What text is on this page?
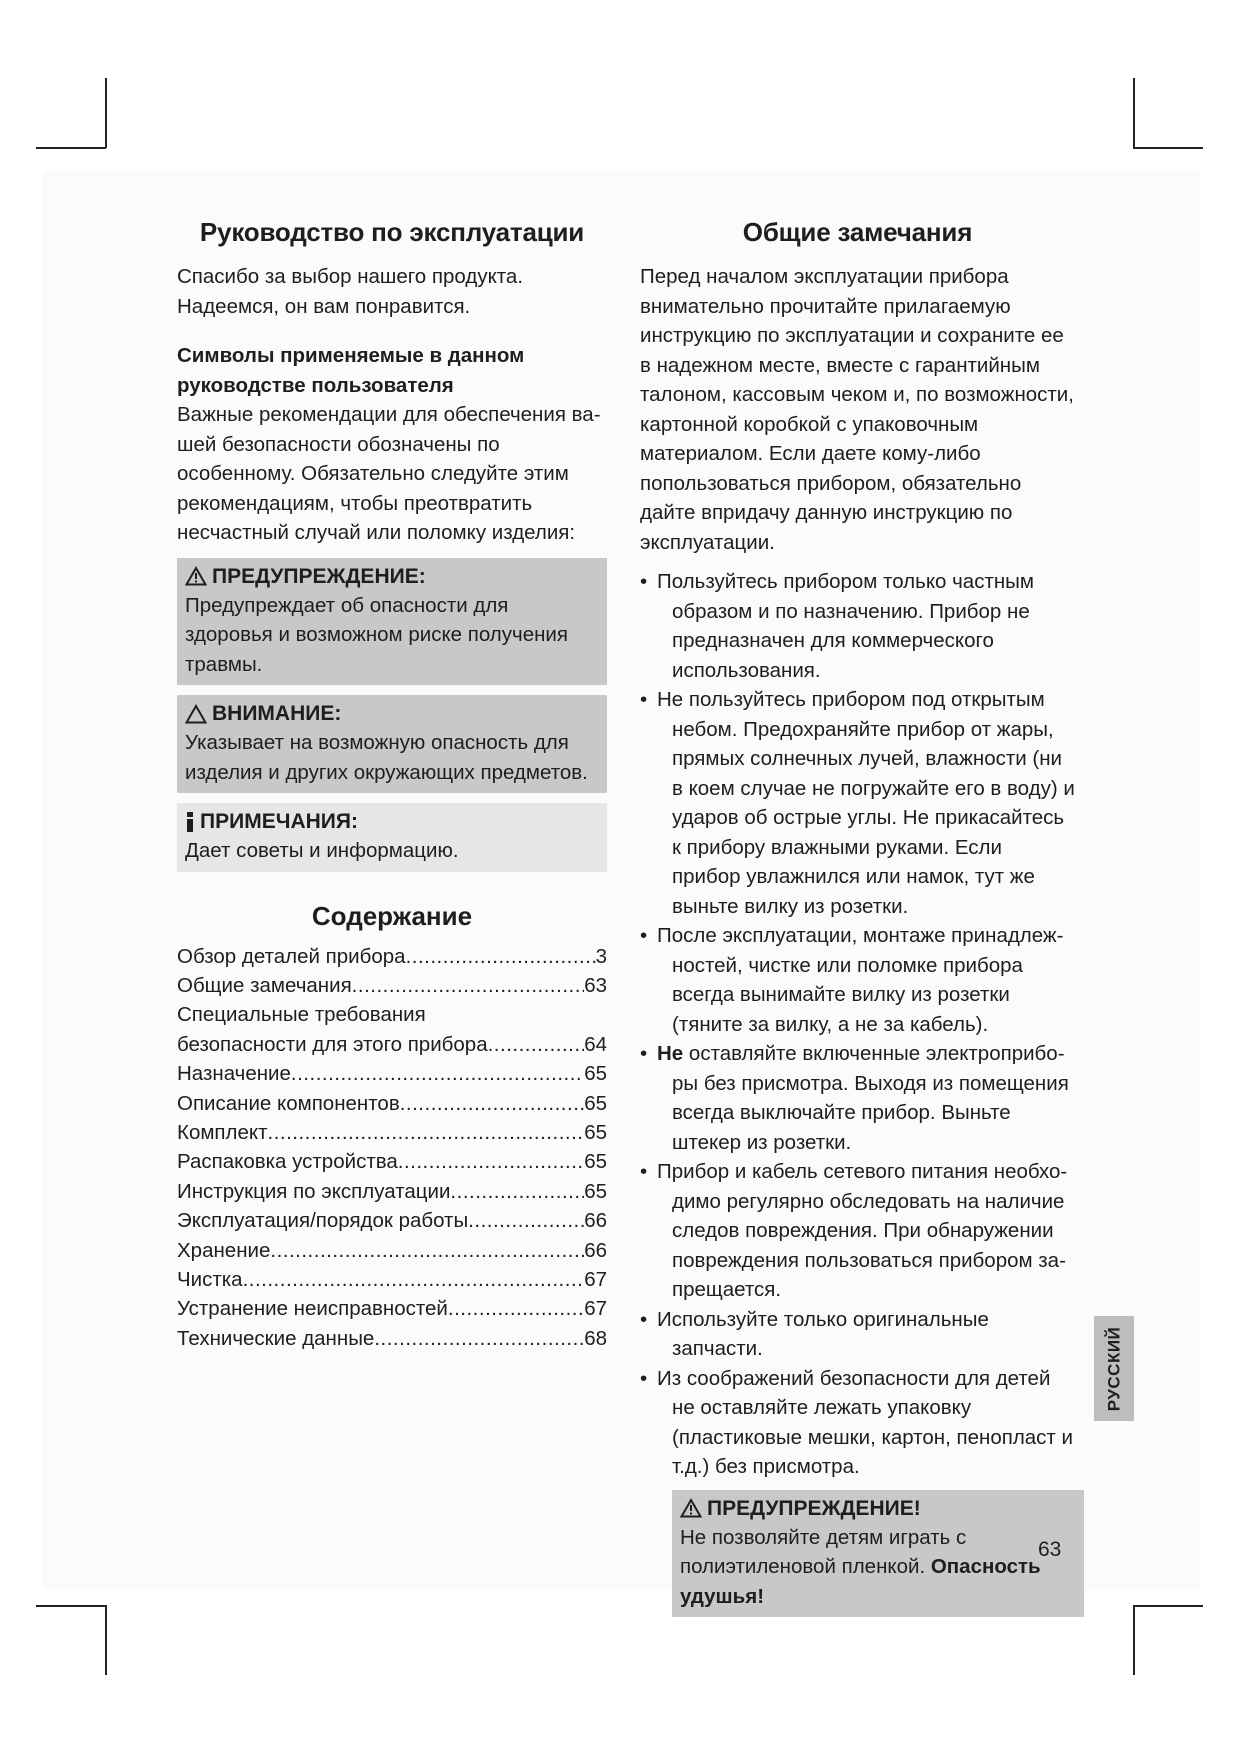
Руководство по эксплуатации

Спасибо за выбор нашего продукта. Надеемся, он вам понравится.

Символы применяемые в данном руководстве пользователя

Важные рекомендации для обеспечения вашей безопасности обозначены по особенному. Обязательно следуйте этим рекомендациям, чтобы преотвратить несчастный случай или поломку изделия:

ПРЕДУПРЕЖДЕНИЕ:
Предупреждает об опасности для здоровья и возможном риске получения травмы.
ВНИМАНИЕ:
Указывает на возможную опасность для изделия и других окружающих предметов.
ПРИМЕЧАНИЯ:
Дает советы и информацию.
Содержание
Обзор деталей прибора .....	3
Общие замечания .....	63
Специальные требования
безопасности для этого прибора .....	64
Назначение .....	65
Описание компонентов .....	65
Комплект .....	65
Распаковка устройства .....	65
Инструкция по эксплуатации .....	65
Эксплуатация/порядок работы .....	66
Хранение .....	66
Чистка .....	67
Устранение неисправностей .....	67
Технические данные .....	68
Общие замечания

Перед началом эксплуатации прибора внимательно прочитайте прилагаемую инструкцию по эксплуатации и сохраните ее в надежном месте, вместе с гарантийным талоном, кассовым чеком и, по возможности, картонной коробкой с упаковочным материалом. Если даете кому-либо попользоваться прибором, обязательно дайте впридачу данную инструкцию по эксплуатации.

• Пользуйтесь прибором только частным образом и по назначению. Прибор не предназначен для коммерческого использования.
• Не пользуйтесь прибором под открытым небом. Предохраняйте прибор от жары, прямых солнечных лучей, влажности (ни в коем случае не погружайте его в воду) и ударов об острые углы. Не прикасайтесь к прибору влажными руками. Если прибор увлажнился или намок, тут же выньте вилку из розетки.
• После эксплуатации, монтаже принадлежностей, чистке или поломке прибора всегда вынимайте вилку из розетки (тяните за вилку, а не за кабель).
• Не оставляйте включенные электроприборы без присмотра. Выходя из помещения всегда выключайте прибор. Выньте штекер из розетки.
• Прибор и кабель сетевого питания необходимо регулярно обследовать на наличие следов повреждения. При обнаружении повреждения пользоваться прибором запрещается.
• Используйте только оригинальные запчасти.
• Из соображений безопасности для детей не оставляйте лежать упаковку (пластиковые мешки, картон, пенопласт и т.д.) без присмотра.
ПРЕДУПРЕЖДЕНИЕ!
Не позволяйте детям играть с полиэтиленовой пленкой. Опасность удушья!
РУССКИЙ
63
